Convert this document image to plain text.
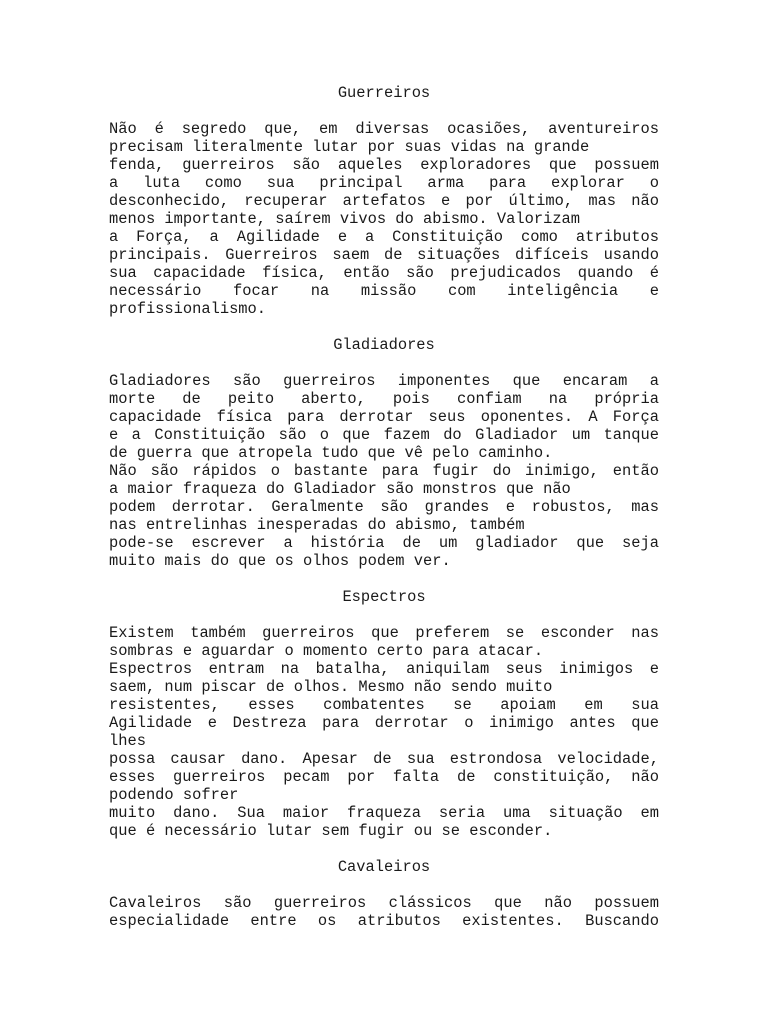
Guerreiros
Não é segredo que, em diversas ocasiões, aventureiros
precisam literalmente lutar por suas vidas na grande
fenda, guerreiros são aqueles exploradores que possuem
a luta como sua principal arma para explorar o
desconhecido, recuperar artefatos e por último, mas não
menos importante, saírem vivos do abismo. Valorizam
a Força, a Agilidade e a Constituição como atributos
principais. Guerreiros saem de situações difíceis usando
sua capacidade física, então são prejudicados quando é
necessário focar na missão com inteligência e
profissionalismo.
Gladiadores
Gladiadores são guerreiros imponentes que encaram a
morte de peito aberto, pois confiam na própria
capacidade física para derrotar seus oponentes. A Força
e a Constituição são o que fazem do Gladiador um tanque
de guerra que atropela tudo que vê pelo caminho.
Não são rápidos o bastante para fugir do inimigo, então
a maior fraqueza do Gladiador são monstros que não
podem derrotar. Geralmente são grandes e robustos, mas
nas entrelinhas inesperadas do abismo, também
pode-se escrever a história de um gladiador que seja
muito mais do que os olhos podem ver.
Espectros
Existem também guerreiros que preferem se esconder nas
sombras e aguardar o momento certo para atacar.
Espectros entram na batalha, aniquilam seus inimigos e
saem, num piscar de olhos. Mesmo não sendo muito
resistentes, esses combatentes se apoiam em sua
Agilidade e Destreza para derrotar o inimigo antes que
lhes
possa causar dano. Apesar de sua estrondosa velocidade,
esses guerreiros pecam por falta de constituição, não
podendo sofrer
muito dano. Sua maior fraqueza seria uma situação em
que é necessário lutar sem fugir ou se esconder.
Cavaleiros
Cavaleiros são guerreiros clássicos que não possuem
especialidade entre os atributos existentes. Buscando
